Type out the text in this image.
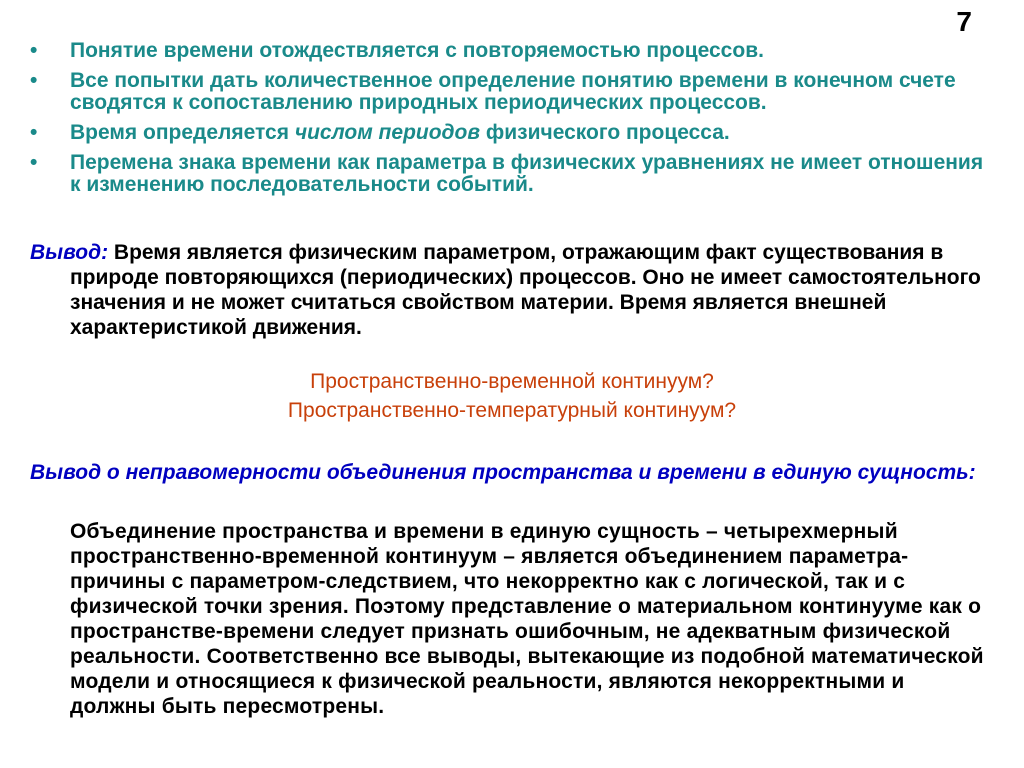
7
• Понятие времени отождествляется с повторяемостью процессов.
• Все попытки дать количественное определение понятию времени в конечном счете сводятся к сопоставлению природных периодических процессов.
• Время определяется числом периодов физического процесса.
• Перемена знака времени как параметра в физических уравнениях не имеет отношения к изменению последовательности событий.
Вывод: Время является физическим параметром, отражающим факт существования в природе повторяющихся (периодических) процессов. Оно не имеет самостоятельного значения и не может считаться свойством материи. Время является внешней характеристикой движения.
Пространственно-временной континуум?
Пространственно-температурный континуум?
Вывод о неправомерности объединения пространства и времени в единую сущность:
Объединение пространства и времени в единую сущность – четырехмерный пространственно-временной континуум – является объединением параметра-причины с параметром-следствием, что некорректно как с логической, так и с физической точки зрения. Поэтому представление о материальном континууме как о пространстве-времени следует признать ошибочным, не адекватным физической реальности. Соответственно все выводы, вытекающие из подобной математической модели и относящиеся к физической реальности, являются некорректными и должны быть пересмотрены.
